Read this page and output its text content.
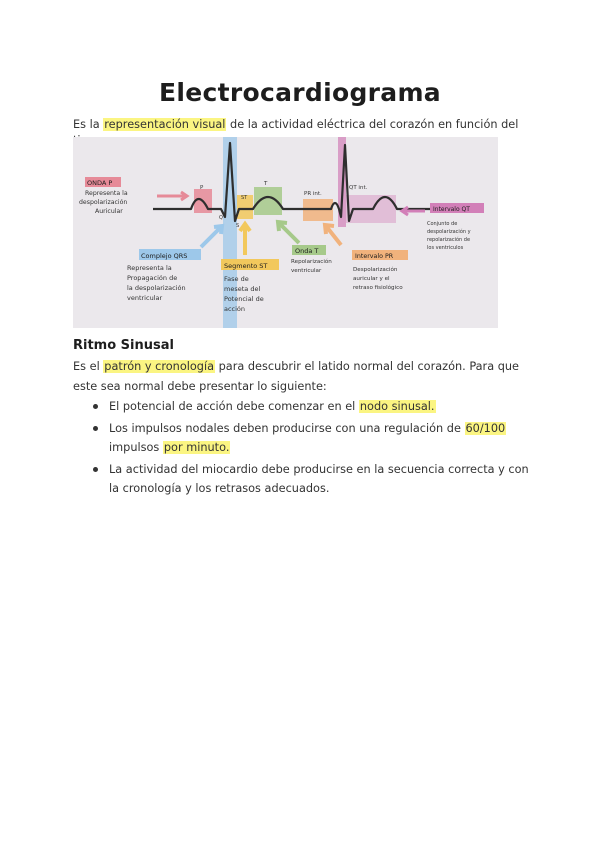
Electrocardiograma
Es la representación visual de la actividad eléctrica del corazón en función del
P
Q
S
ST
T
PR int.
QT int.
ONDA P
Representa la
despolarización
Auricular	Intervalo QT
Conjunto de
despolarización y
repolarización de
los ventriculos
Complejo QRS
Representa la
Propagación de
la despolarización
ventricular
Segmento ST
Fase de
meseta del
Potencial de
acción
Onda T
Repolarización
ventricular
Intervalo PR
Despolarización
auricular y el
retraso fisiológico
Ritmo Sinusal
Es el patrón y cronología para descubrir el latido normal del corazón. Para que este sea normal debe presentar lo siguiente:
El potencial de acción debe comenzar en el nodo sinusal.
Los impulsos nodales deben producirse con una regulación de 60/100 impulsos por minuto.
La actividad del miocardio debe producirse en la secuencia correcta y con la cronología y los retrasos adecuados.
